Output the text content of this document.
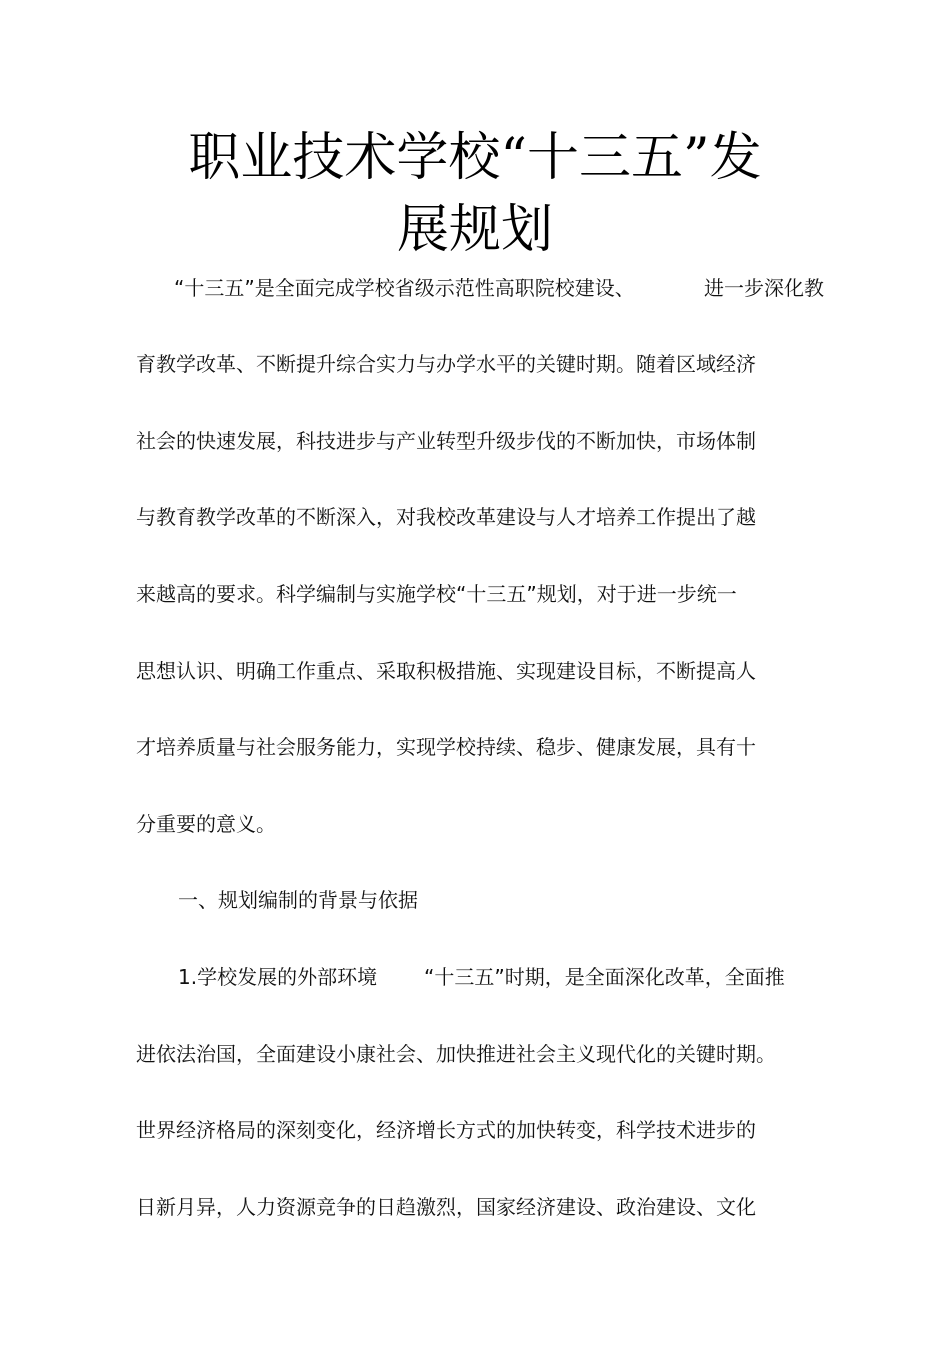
职业技术学校“十三五”发
展规划
“十三五”是全面完成学校省级示范性高职院校建设、	进一步深化教
育教学改革、不断提升综合实力与办学水平的关键时期。随着区域经济
社会的快速发展，科技进步与产业转型升级步伐的不断加快，市场体制
与教育教学改革的不断深入，对我校改革建设与人才培养工作提出了越
来越高的要求。科学编制与实施学校“十三五”规划，对于进一步统一
思想认识、明确工作重点、采取积极措施、实现建设目标，不断提高人
才培养质量与社会服务能力，实现学校持续、稳步、健康发展，具有十
分重要的意义。
一、规划编制的背景与依据
1.学校发展的外部环境 “十三五”时期，是全面深化改革，全面推
进依法治国，全面建设小康社会、加快推进社会主义现代化的关键时期。
世界经济格局的深刻变化，经济增长方式的加快转变，科学技术进步的
日新月异，人力资源竞争的日趋激烈，国家经济建设、政治建设、文化
